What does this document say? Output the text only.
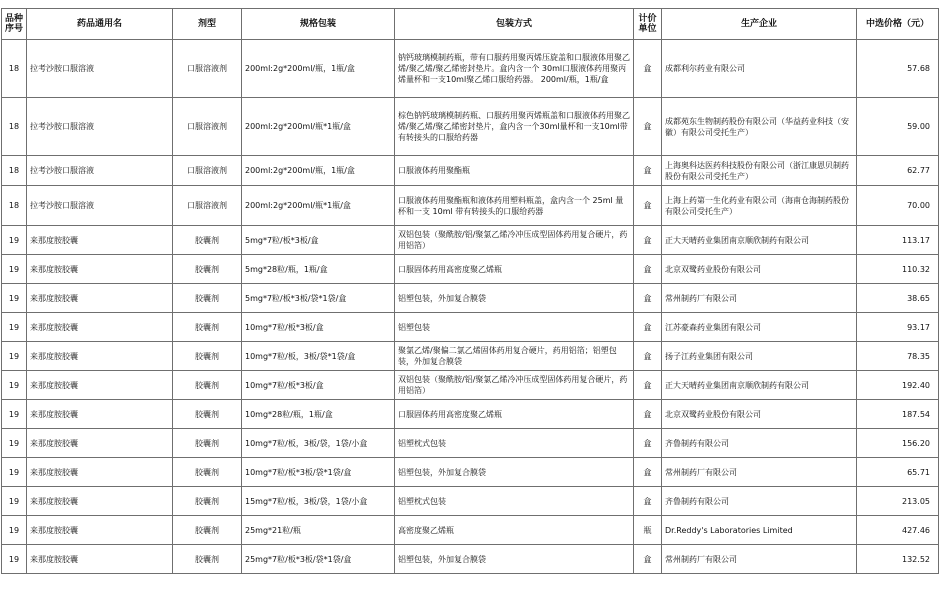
品种序号	药品通用名	剂型	规格包装	包装方式	计价单位	生产企业	中选价格（元）
18	拉考沙胺口服溶液	口服溶液剂	200ml:2g*200ml/瓶，1瓶/盒	钠钙玻璃模制药瓶，带有口服药用聚丙烯压旋盖和口服液体用聚乙烯/聚乙烯/聚乙烯密封垫片。盒内含一个 30ml口服液体药用聚丙烯量杯和一支10ml聚乙烯口服给药器。 200ml/瓶，1瓶/盒	盒	成都利尔药业有限公司	57.68
18	拉考沙胺口服溶液	口服溶液剂	200ml:2g*200ml/瓶*1瓶/盒	棕色钠钙玻璃模制药瓶、口服药用聚丙烯瓶盖和口服液体药用聚乙烯/聚乙烯/聚乙烯密封垫片，盒内含一个30ml量杯和一支10ml带有转接头的口服给药器	盒	成都苑东生物制药股份有限公司（华益药业科技（安徽）有限公司受托生产）	59.00
18	拉考沙胺口服溶液	口服溶液剂	200ml:2g*200ml/瓶，1瓶/盒	口服液体药用聚酯瓶	盒	上海奥科达医药科技股份有限公司（浙江康恩贝制药股份有限公司受托生产）	62.77
18	拉考沙胺口服溶液	口服溶液剂	200ml:2g*200ml/瓶*1瓶/盒	口服液体药用聚酯瓶和液体药用塑料瓶盖，盒内含一个 25ml 量杯和一支 10ml 带有转接头的口服给药器	盒	上海上药第一生化药业有限公司（海南仓海制药股份有限公司受托生产）	70.00
19	来那度胺胶囊	胶囊剂	5mg*7粒/板*3板/盒	双铝包装（聚酰胺/铝/聚氯乙烯冷冲压成型固体药用复合硬片，药用铝箔）	盒	正大天晴药业集团南京顺欣制药有限公司	113.17
19	来那度胺胶囊	胶囊剂	5mg*28粒/瓶，1瓶/盒	口服固体药用高密度聚乙烯瓶	盒	北京双鹭药业股份有限公司	110.32
19	来那度胺胶囊	胶囊剂	5mg*7粒/板*3板/袋*1袋/盒	铝塑包装，外加复合膜袋	盒	常州制药厂有限公司	38.65
19	来那度胺胶囊	胶囊剂	10mg*7粒/板*3板/盒	铝塑包装	盒	江苏豪森药业集团有限公司	93.17
19	来那度胺胶囊	胶囊剂	10mg*7粒/板，3板/袋*1袋/盒	聚氯乙烯/聚偏二氯乙烯固体药用复合硬片，药用铝箔；铝塑包装，外加复合膜袋	盒	扬子江药业集团有限公司	78.35
19	来那度胺胶囊	胶囊剂	10mg*7粒/板*3板/盒	双铝包装（聚酰胺/铝/聚氯乙烯冷冲压成型固体药用复合硬片，药用铝箔）	盒	正大天晴药业集团南京顺欣制药有限公司	192.40
19	来那度胺胶囊	胶囊剂	10mg*28粒/瓶，1瓶/盒	口服固体药用高密度聚乙烯瓶	盒	北京双鹭药业股份有限公司	187.54
19	来那度胺胶囊	胶囊剂	10mg*7粒/板，3板/袋，1袋/小盒	铝塑枕式包装	盒	齐鲁制药有限公司	156.20
19	来那度胺胶囊	胶囊剂	10mg*7粒/板*3板/袋*1袋/盒	铝塑包装，外加复合膜袋	盒	常州制药厂有限公司	65.71
19	来那度胺胶囊	胶囊剂	15mg*7粒/板，3板/袋，1袋/小盒	铝塑枕式包装	盒	齐鲁制药有限公司	213.05
19	来那度胺胶囊	胶囊剂	25mg*21粒/瓶	高密度聚乙烯瓶	瓶	Dr.Reddy's Laboratories Limited	427.46
19	来那度胺胶囊	胶囊剂	25mg*7粒/板*3板/袋*1袋/盒	铝塑包装，外加复合膜袋	盒	常州制药厂有限公司	132.52
